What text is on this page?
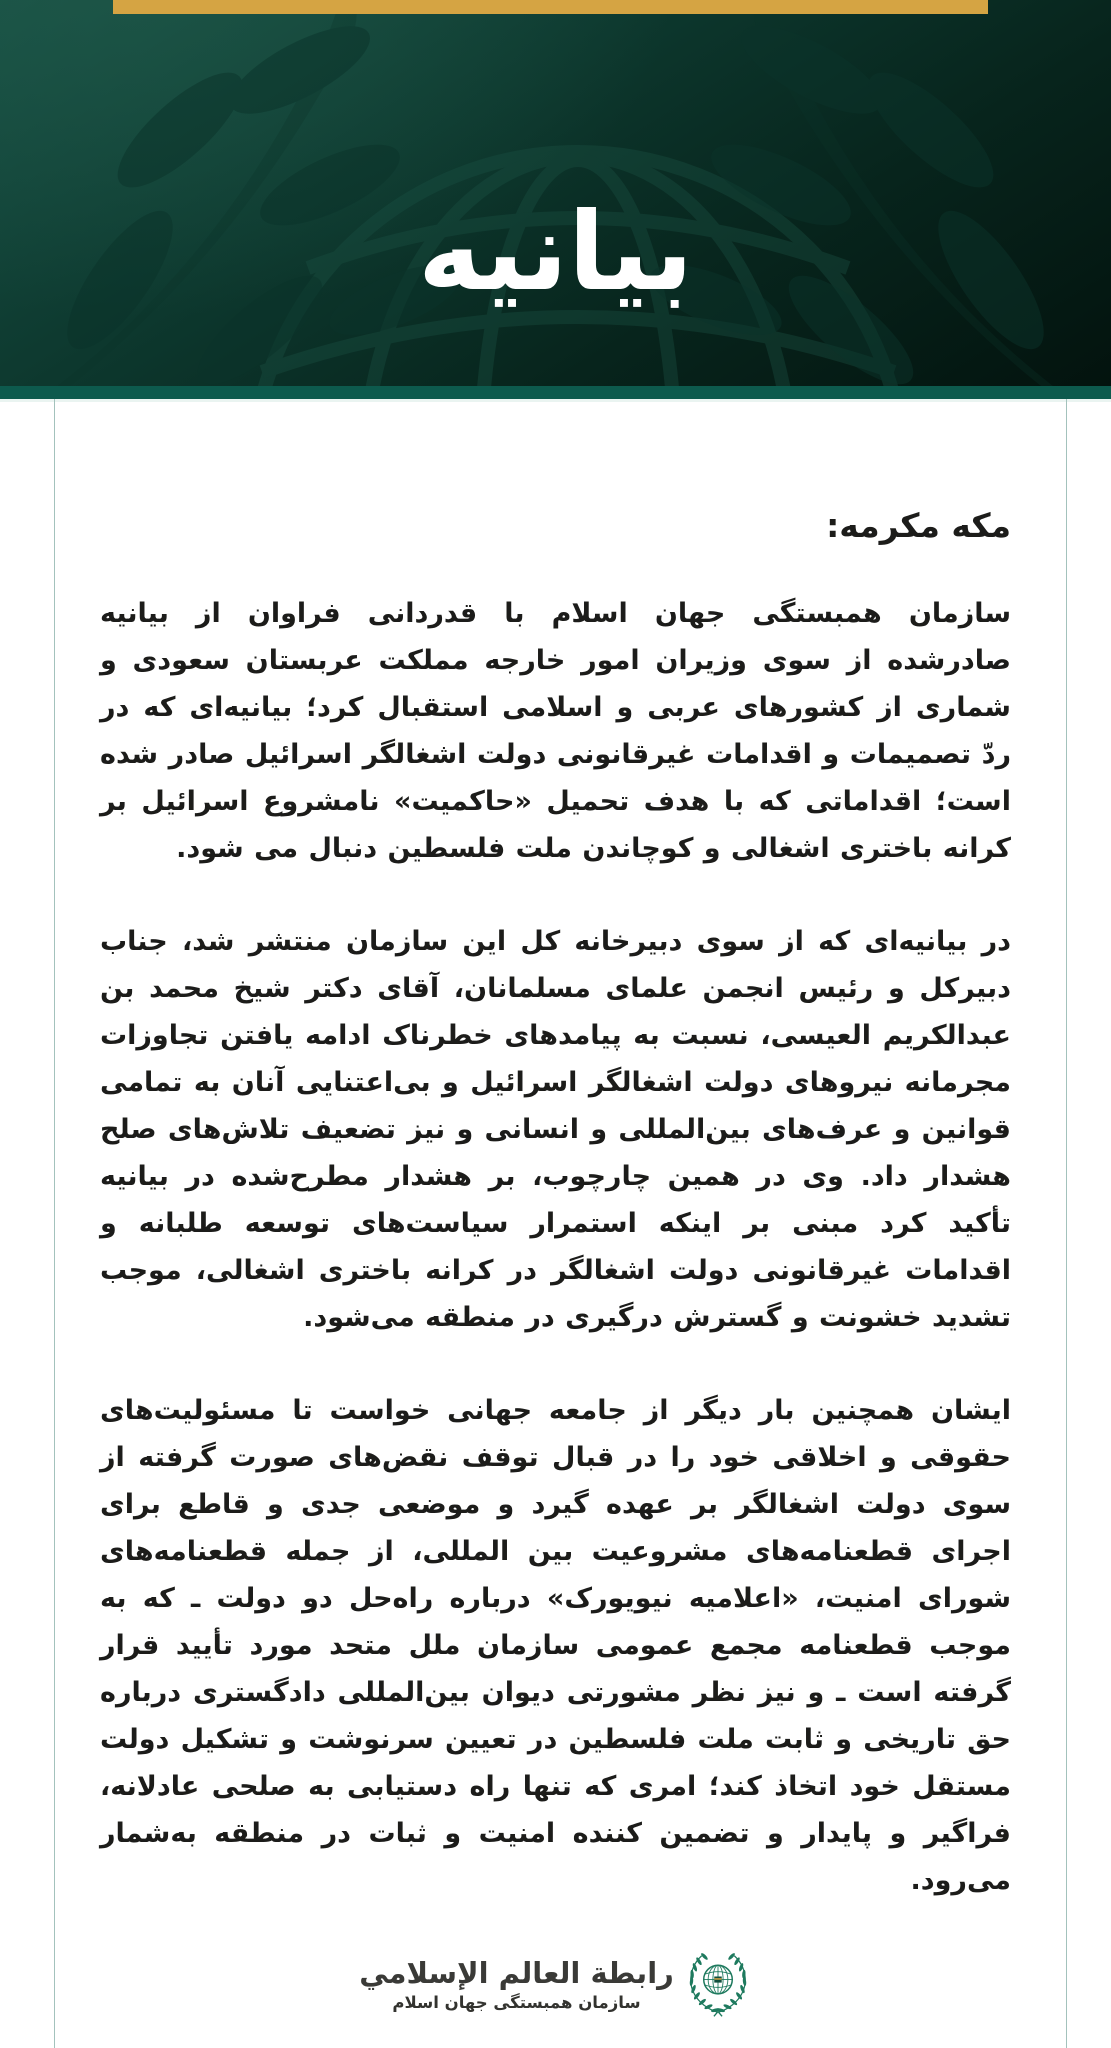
بیانیه
مکه مکرمه:

سازمان همبستگی جهان اسلام با قدردانی فراوان از بیانیه صادرشده از سوی وزیران امور خارجه مملکت عربستان سعودی و شماری از کشورهای عربی و اسلامی استقبال کرد؛ بیانیه‌ای که در ردّ تصمیمات و اقدامات غیرقانونی دولت اشغالگر اسرائیل صادر شده است؛ اقداماتی که با هدف تحمیل «حاکمیت» نامشروع اسرائیل بر کرانه باختری اشغالی و کوچاندن ملت فلسطین دنبال می شود.

در بیانیه‌ای که از سوی دبیرخانه کل این سازمان منتشر شد، جناب دبیرکل و رئیس انجمن علمای مسلمانان، آقای دکتر شیخ محمد بن عبدالکریم العیسی، نسبت به پیامدهای خطرناک ادامه یافتن تجاوزات مجرمانه نیروهای دولت اشغالگر اسرائیل و بی‌اعتنایی آنان به تمامی قوانین و عرف‌های بین‌المللی و انسانی و نیز تضعیف تلاش‌های صلح هشدار داد. وی در همین چارچوب، بر هشدار مطرح‌شده در بیانیه تأکید کرد مبنی بر اینکه استمرار سیاست‌های توسعه طلبانه و اقدامات غیرقانونی دولت اشغالگر در کرانه باختری اشغالی، موجب تشدید خشونت و گسترش درگیری در منطقه می‌شود.

ایشان همچنین بار دیگر از جامعه جهانی خواست تا مسئولیت‌های حقوقی و اخلاقی خود را در قبال توقف نقض‌های صورت گرفته از سوی دولت اشغالگر بر عهده گیرد و موضعی جدی و قاطع برای اجرای قطعنامه‌های مشروعیت بین المللی، از جمله قطعنامه‌های شورای امنیت، «اعلامیه نیویورک» درباره راه‌حل دو دولت ـ که به موجب قطعنامه مجمع عمومی سازمان ملل متحد مورد تأیید قرار گرفته است ـ و نیز نظر مشورتی دیوان بین‌المللی دادگستری درباره حق تاریخی و ثابت ملت فلسطین در تعیین سرنوشت و تشکیل دولت مستقل خود اتخاذ کند؛ امری که تنها راه دستیابی به صلحی عادلانه، فراگیر و پایدار و تضمین کننده امنیت و ثبات در منطقه به‌شمار می‌رود.

رابطة العالم الإسلامي
سازمان همبستگی جهان اسلام
